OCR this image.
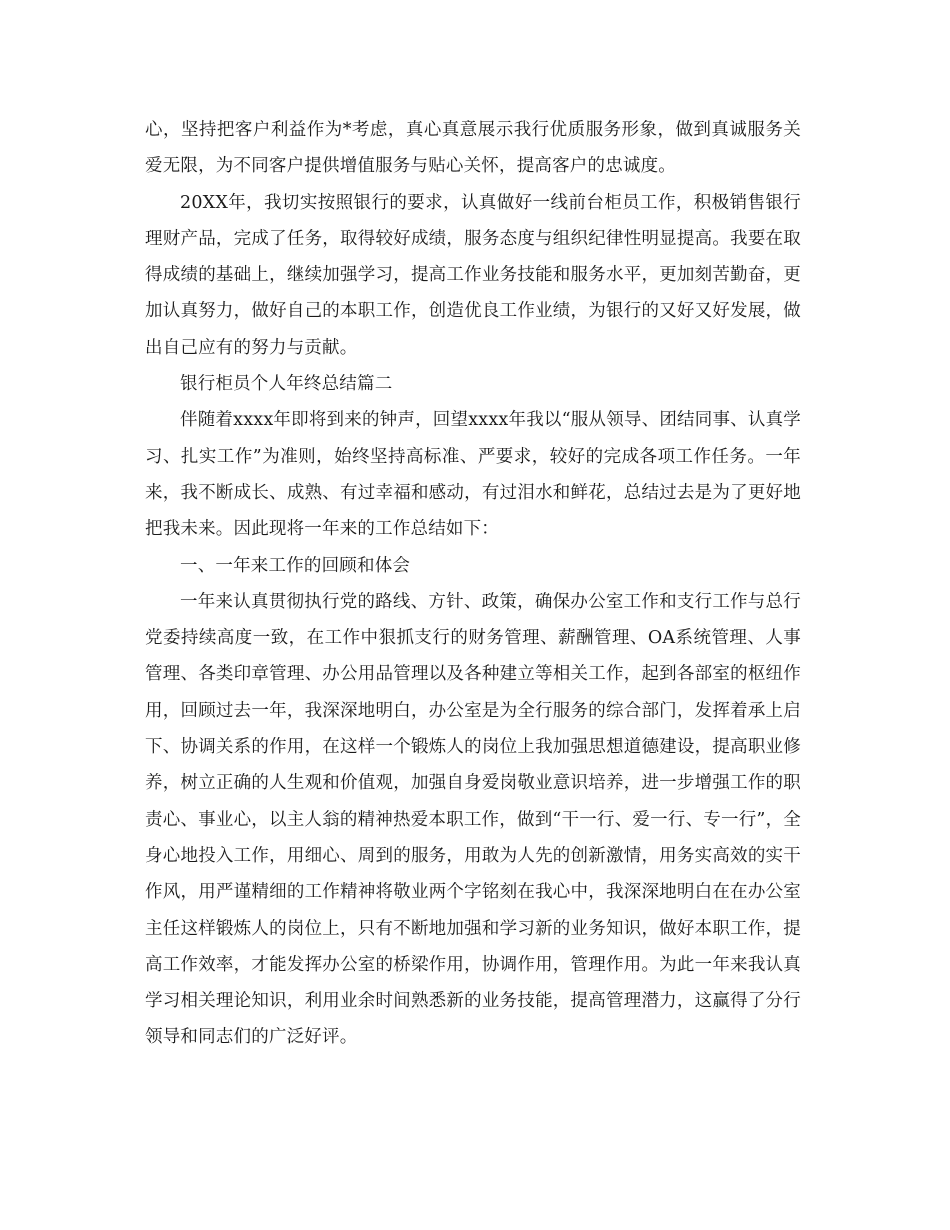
心，坚持把客户利益作为*考虑，真心真意展示我行优质服务形象，做到真诚服务关爱无限，为不同客户提供增值服务与贴心关怀，提高客户的忠诚度。

20XX年，我切实按照银行的要求，认真做好一线前台柜员工作，积极销售银行理财产品，完成了任务，取得较好成绩，服务态度与组织纪律性明显提高。我要在取得成绩的基础上，继续加强学习，提高工作业务技能和服务水平，更加刻苦勤奋，更加认真努力，做好自己的本职工作，创造优良工作业绩，为银行的又好又好发展，做出自己应有的努力与贡献。

银行柜员个人年终总结篇二

伴随着xxxx年即将到来的钟声，回望xxxx年我以“服从领导、团结同事、认真学习、扎实工作”为准则，始终坚持高标准、严要求，较好的完成各项工作任务。一年来，我不断成长、成熟、有过幸福和感动，有过泪水和鲜花，总结过去是为了更好地把我未来。因此现将一年来的工作总结如下：

一、一年来工作的回顾和体会

一年来认真贯彻执行党的路线、方针、政策，确保办公室工作和支行工作与总行党委持续高度一致，在工作中狠抓支行的财务管理、薪酬管理、OA系统管理、人事管理、各类印章管理、办公用品管理以及各种建立等相关工作，起到各部室的枢纽作用，回顾过去一年，我深深地明白，办公室是为全行服务的综合部门，发挥着承上启下、协调关系的作用，在这样一个锻炼人的岗位上我加强思想道德建设，提高职业修养，树立正确的人生观和价值观，加强自身爱岗敬业意识培养，进一步增强工作的职责心、事业心，以主人翁的精神热爱本职工作，做到“干一行、爱一行、专一行”，全身心地投入工作，用细心、周到的服务，用敢为人先的创新激情，用务实高效的实干作风，用严谨精细的工作精神将敬业两个字铭刻在我心中，我深深地明白在在办公室主任这样锻炼人的岗位上，只有不断地加强和学习新的业务知识，做好本职工作，提高工作效率，才能发挥办公室的桥梁作用，协调作用，管理作用。为此一年来我认真学习相关理论知识，利用业余时间熟悉新的业务技能，提高管理潜力，这赢得了分行领导和同志们的广泛好评。
